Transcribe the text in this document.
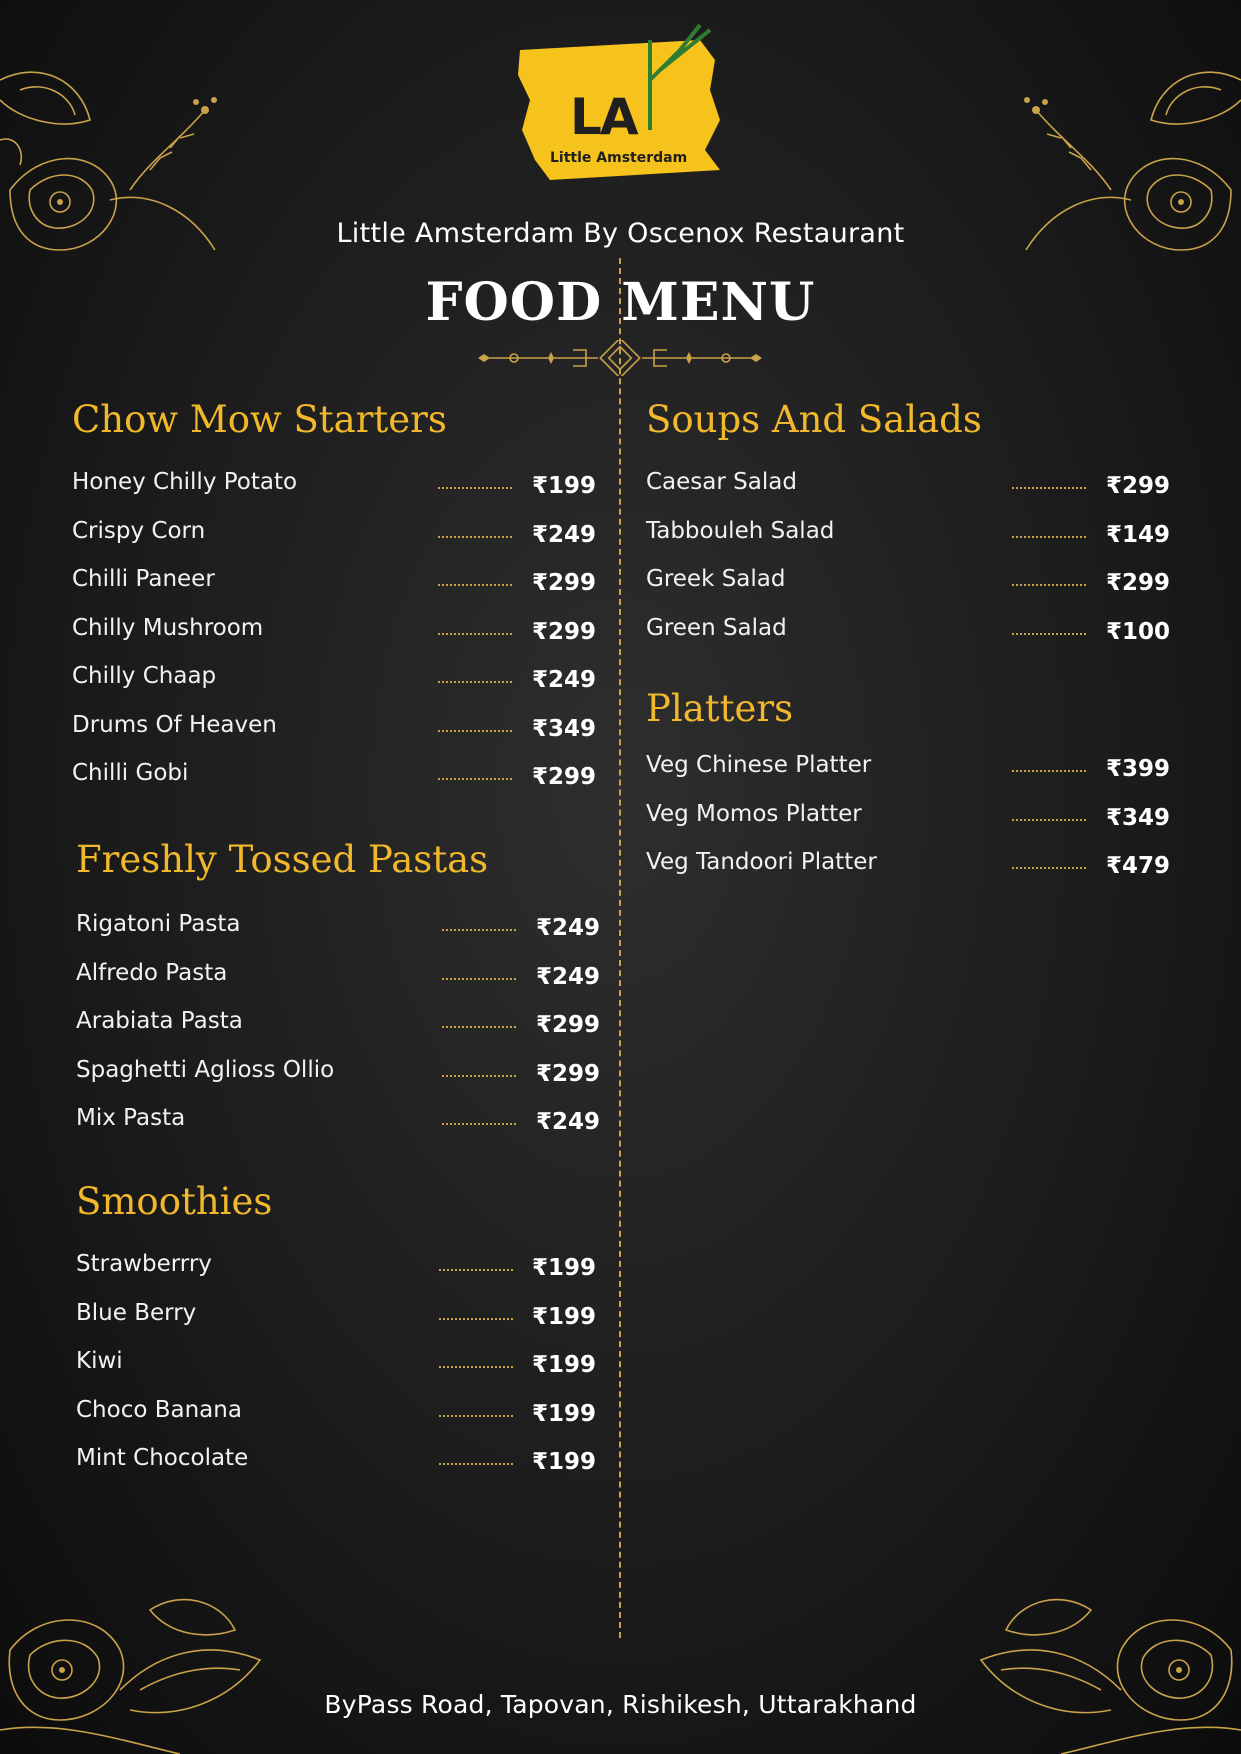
LA
Little Amsterdam
Little Amsterdam By Oscenox Restaurant
FOOD MENU
Chow Mow Starters
Honey Chilly Potato	₹199
Crispy Corn	₹249
Chilli Paneer	₹299
Chilly Mushroom	₹299
Chilly Chaap	₹249
Drums Of Heaven	₹349
Chilli Gobi	₹299
Freshly Tossed Pastas
Rigatoni Pasta	₹249
Alfredo Pasta	₹249
Arabiata Pasta	₹299
Spaghetti Aglioss Ollio	₹299
Mix Pasta	₹249
Smoothies
Strawberrry	₹199
Blue Berry	₹199
Kiwi	₹199
Choco Banana	₹199
Mint Chocolate	₹199
Soups And Salads
Caesar Salad	₹299
Tabbouleh Salad	₹149
Greek Salad	₹299
Green Salad	₹100
Platters
Veg Chinese Platter	₹399
Veg Momos Platter	₹349
Veg Tandoori Platter	₹479
ByPass Road, Tapovan, Rishikesh, Uttarakhand
